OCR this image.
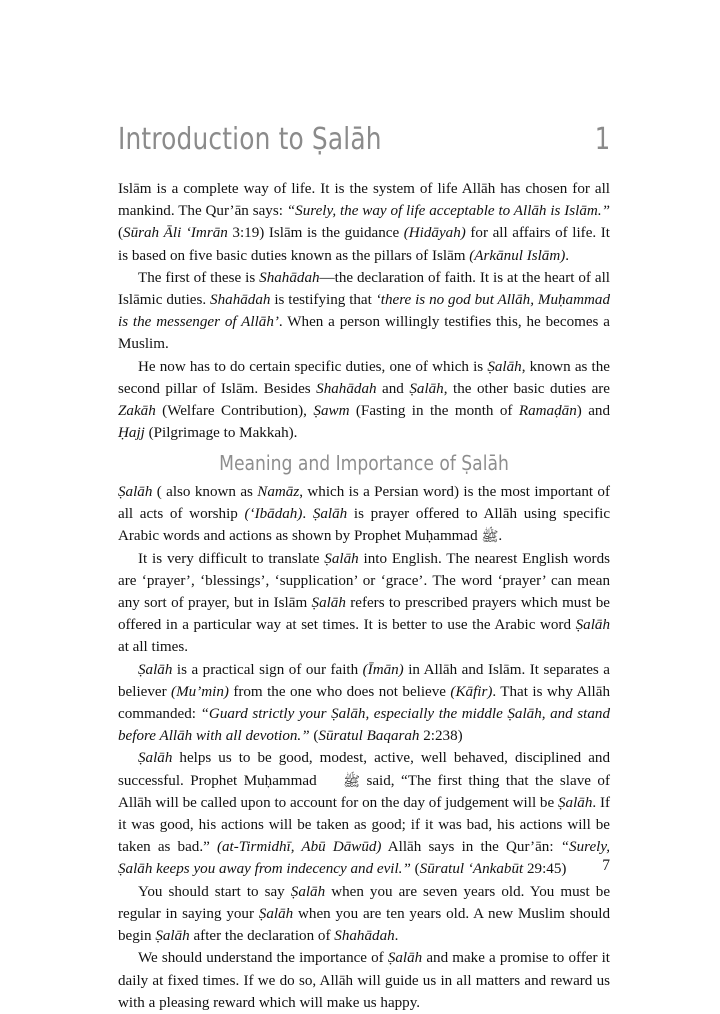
Introduction to Ṣalāh	1

Islām is a complete way of life. It is the system of life Allāh has chosen for all mankind. The Qur’ān says: “Surely, the way of life acceptable to Allāh is Islām.” (Sūrah Āli ‘Imrān 3:19) Islām is the guidance (Hidāyah) for all affairs of life. It is based on five basic duties known as the pillars of Islām (Arkānul Islām).

The first of these is Shahādah—the declaration of faith. It is at the heart of all Islāmic duties. Shahādah is testifying that ‘there is no god but Allāh, Muḥammad is the messenger of Allāh’. When a person willingly testifies this, he becomes a Muslim.

He now has to do certain specific duties, one of which is Ṣalāh, known as the second pillar of Islām. Besides Shahādah and Ṣalāh, the other basic duties are Zakāh (Welfare Contribution), Ṣawm (Fasting in the month of Ramaḍān) and Ḥajj (Pilgrimage to Makkah).

Meaning and Importance of Ṣalāh

Ṣalāh ( also known as Namāz, which is a Persian word) is the most important of all acts of worship (‘Ibādah). Ṣalāh is prayer offered to Allāh using specific Arabic words and actions as shown by Prophet Muḥammad ﷺ.

It is very difficult to translate Ṣalāh into English. The nearest English words are ‘prayer’, ‘blessings’, ‘supplication’ or ‘grace’. The word ‘prayer’ can mean any sort of prayer, but in Islām Ṣalāh refers to prescribed prayers which must be offered in a particular way at set times. It is better to use the Arabic word Ṣalāh at all times.

Ṣalāh is a practical sign of our faith (Īmān) in Allāh and Islām. It separates a believer (Mu’min) from the one who does not believe (Kāfir). That is why Allāh commanded: “Guard strictly your Ṣalāh, especially the middle Ṣalāh, and stand before Allāh with all devotion.” (Sūratul Baqarah 2:238)

Ṣalāh helps us to be good, modest, active, well behaved, disciplined and successful. Prophet Muḥammad ﷺ said, “The first thing that the slave of Allāh will be called upon to account for on the day of judgement will be Ṣalāh. If it was good, his actions will be taken as good; if it was bad, his actions will be taken as bad.” (at-Tirmidhī, Abū Dāwūd) Allāh says in the Qur’ān: “Surely, Ṣalāh keeps you away from indecency and evil.” (Sūratul ‘Ankabūt 29:45)

You should start to say Ṣalāh when you are seven years old. You must be regular in saying your Ṣalāh when you are ten years old. A new Muslim should begin Ṣalāh after the declaration of Shahādah.

We should understand the importance of Ṣalāh and make a promise to offer it daily at fixed times. If we do so, Allāh will guide us in all matters and reward us with a pleasing reward which will make us happy.

7
